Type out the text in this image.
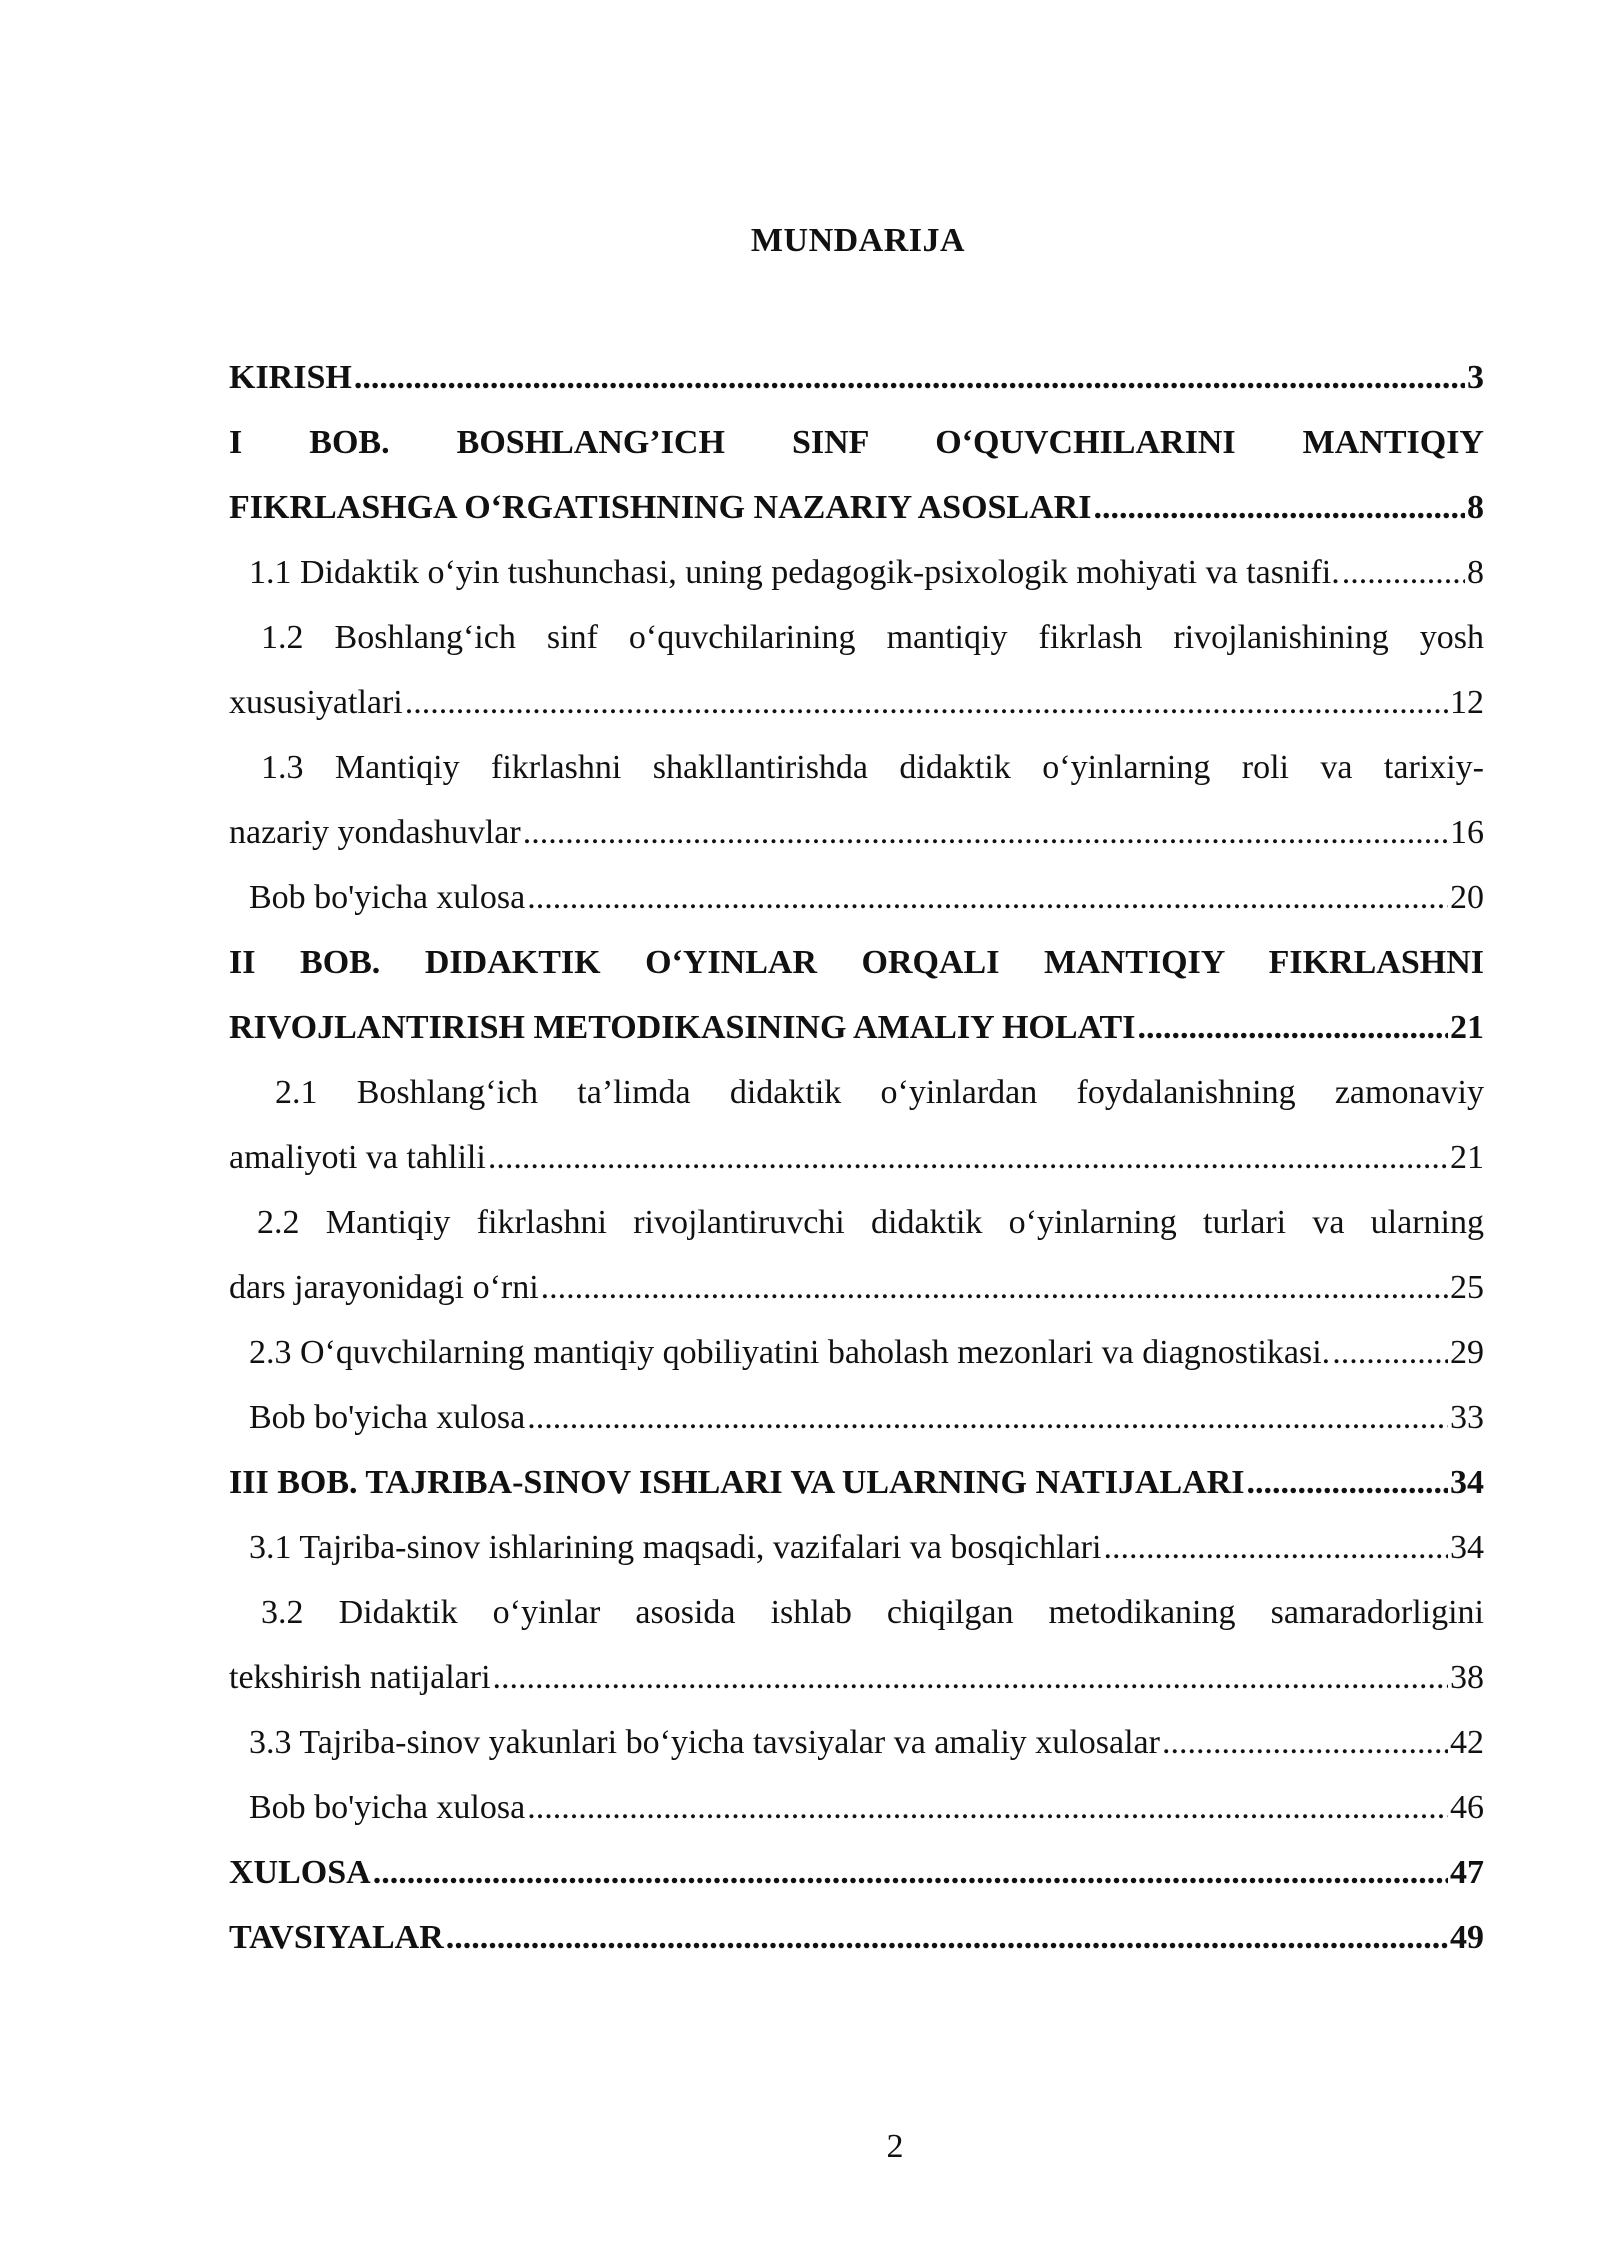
MUNDARIJA
KIRISH .....	3
I BOB. BOSHLANG’ICH SINF O‘QUVCHILARINI MANTIQIY
FIKRLASHGA O‘RGATISHNING NAZARIY ASOSLARI .....	8
1.1 Didaktik o‘yin tushunchasi, uning pedagogik-psixologik mohiyati va tasnifi. .....	8
1.2 Boshlang‘ich sinf o‘quvchilarining mantiqiy fikrlash rivojlanishining yosh
xususiyatlari .....	12
1.3 Mantiqiy fikrlashni shakllantirishda didaktik o‘yinlarning roli va tarixiy-
nazariy yondashuvlar .....	16
Bob bo'yicha xulosa .....	20
II BOB. DIDAKTIK O‘YINLAR ORQALI MANTIQIY FIKRLASHNI
RIVOJLANTIRISH METODIKASINING AMALIY HOLATI .....	21
2.1 Boshlang‘ich ta’limda didaktik o‘yinlardan foydalanishning zamonaviy
amaliyoti va tahlili .....	21
2.2 Mantiqiy fikrlashni rivojlantiruvchi didaktik o‘yinlarning turlari va ularning
dars jarayonidagi o‘rni .....	25
2.3 O‘quvchilarning mantiqiy qobiliyatini baholash mezonlari va diagnostikasi. .....	29
Bob bo'yicha xulosa .....	33
III BOB. TAJRIBA-SINOV ISHLARI VA ULARNING NATIJALARI .....	34
3.1 Tajriba-sinov ishlarining maqsadi, vazifalari va bosqichlari .....	34
3.2 Didaktik o‘yinlar asosida ishlab chiqilgan metodikaning samaradorligini
tekshirish natijalari .....	38
3.3 Tajriba-sinov yakunlari bo‘yicha tavsiyalar va amaliy xulosalar .....	42
Bob bo'yicha xulosa .....	46
XULOSA .....	47
TAVSIYALAR .....	49
2
